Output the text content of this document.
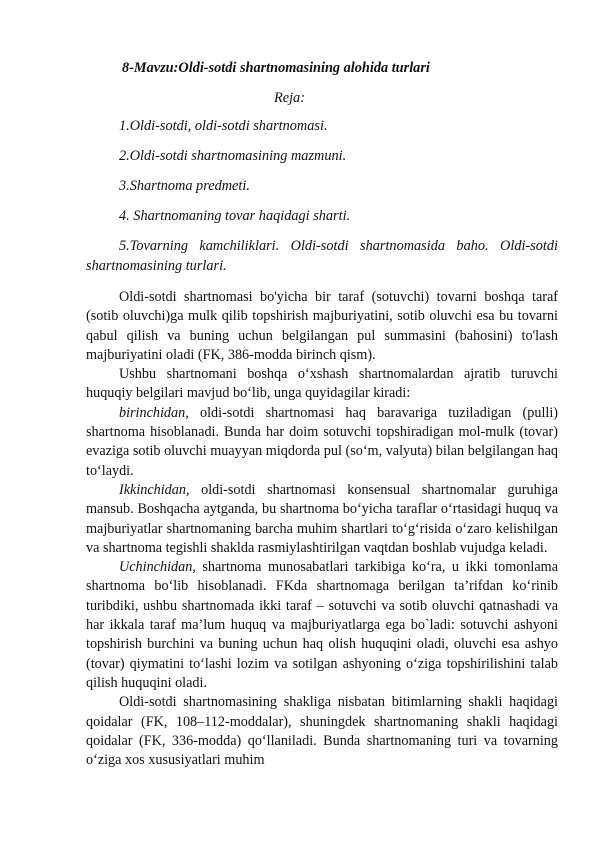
8-Mavzu:Oldi-sotdi shartnomasining alohida turlari
Reja:
1.Oldi-sotdi, oldi-sotdi shartnomasi.
2.Oldi-sotdi shartnomasining mazmuni.
3.Shartnoma predmeti.
4. Shartnomaning tovar haqidagi sharti.
5.Tovarning kamchiliklari. Oldi-sotdi shartnomasida baho. Oldi-sotdi shartnomasining turlari.

Oldi-sotdi shartnomasi bo'yicha bir taraf (sotuvchi) tovarni boshqa taraf (sotib oluvchi)ga mulk qilib topshirish majburiyatini, sotib oluvchi esa bu tovarni qabul qilish va buning uchun belgilangan pul summasini (bahosini) to'lash majburiyatini oladi (FK, 386-modda birinch qism).

Ushbu shartnomani boshqa o‘xshash shartnomalardan ajratib turuvchi huquqiy belgilari mavjud bo‘lib, unga quyidagilar kiradi:

birinchidan, oldi-sotdi shartnomasi haq baravariga tuziladigan (pulli) shartnoma hisoblanadi. Bunda har doim sotuvchi topshiradigan mol-mulk (tovar) evaziga sotib oluvchi muayyan miqdorda pul (so‘m, valyuta) bilan belgilangan haq to‘laydi.

Ikkinchidan, oldi-sotdi shartnomasi konsensual shartnomalar guruhiga mansub. Boshqacha aytganda, bu shartnoma bo‘yicha taraflar o‘rtasidagi huquq va majburiyatlar shartnomaning barcha muhim shartlari to‘g‘risida o‘zaro kelishilgan va shartnoma tegishli shaklda rasmiylashtirilgan vaqtdan boshlab vujudga keladi.

Uchinchidan, shartnoma munosabatlari tarkibiga ko‘ra, u ikki tomonlama shartnoma bo‘lib hisoblanadi. FKda shartnomaga berilgan ta’rifdan ko‘rinib turibdiki, ushbu shartnomada ikki taraf – sotuvchi va sotib oluvchi qatnashadi va har ikkala taraf ma’lum huquq va majburiyatlarga ega bo`ladi: sotuvchi ashyoni topshirish burchini va buning uchun haq olish huquqini oladi, oluvchi esa ashyo (tovar) qiymatini to‘lashi lozim va sotilgan ashyoning o‘ziga topshirilishini talab qilish huquqini oladi.

Oldi-sotdi shartnomasining shakliga nisbatan bitimlarning shakli haqidagi qoidalar (FK, 108–112-moddalar), shuningdek shartnomaning shakli haqidagi qoidalar (FK, 336-modda) qo‘llaniladi. Bunda shartnomaning turi va tovarning o‘ziga xos xususiyatlari muhim
